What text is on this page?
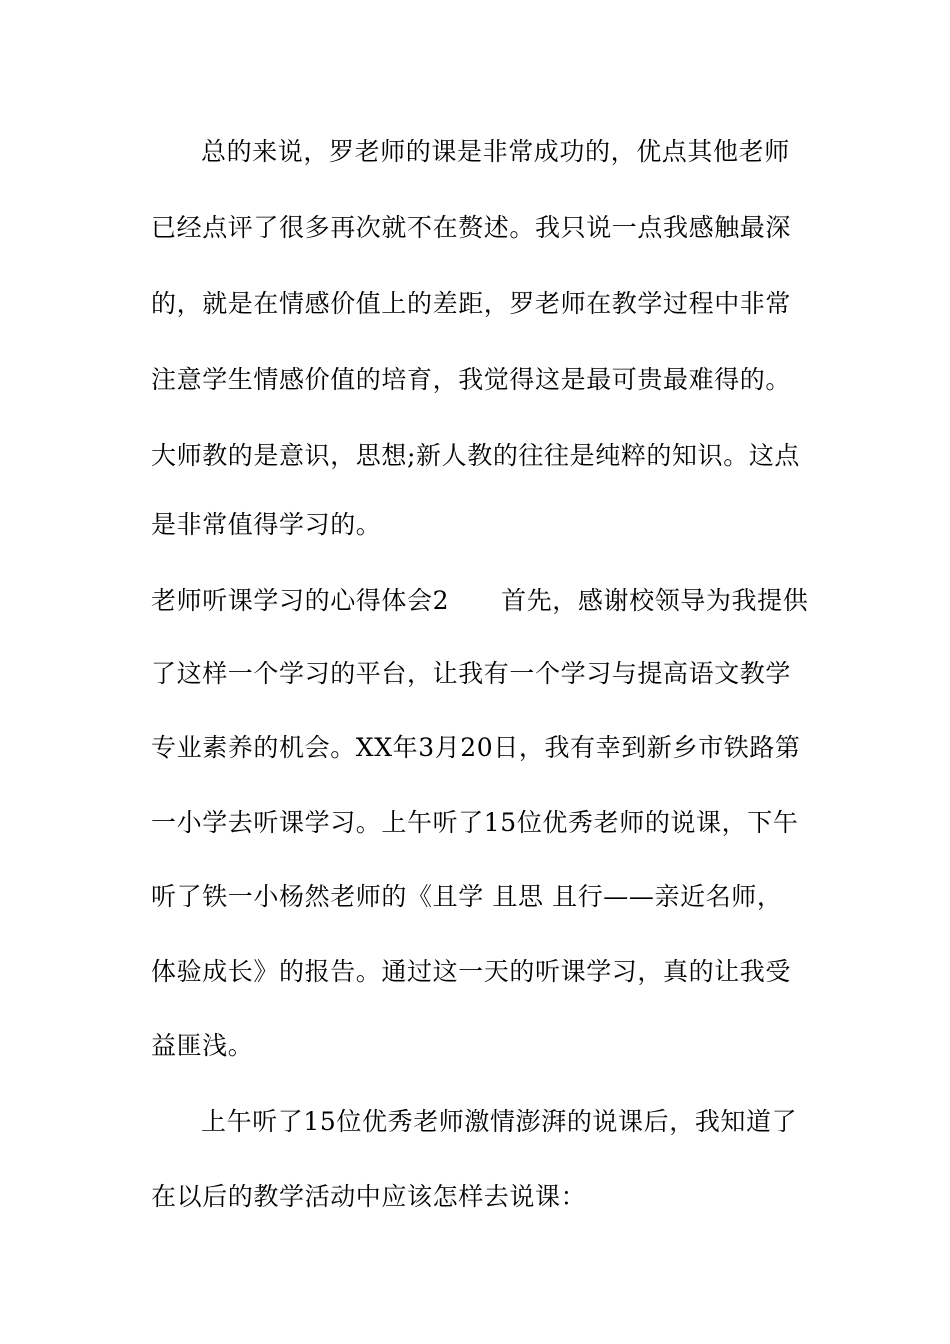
总的来说，罗老师的课是非常成功的，优点其他老师
已经点评了很多再次就不在赘述。我只说一点我感触最深
的，就是在情感价值上的差距，罗老师在教学过程中非常
注意学生情感价值的培育，我觉得这是最可贵最难得的。
大师教的是意识，思想;新人教的往往是纯粹的知识。这点
是非常值得学习的。
老师听课学习的心得体会2 首先，感谢校领导为我提供
了这样一个学习的平台，让我有一个学习与提高语文教学
专业素养的机会。XX年3月20日，我有幸到新乡市铁路第
一小学去听课学习。上午听了15位优秀老师的说课，下午
听了铁一小杨然老师的《且学 且思 且行——亲近名师，
体验成长》的报告。通过这一天的听课学习，真的让我受
益匪浅。
上午听了15位优秀老师激情澎湃的说课后，我知道了
在以后的教学活动中应该怎样去说课：
